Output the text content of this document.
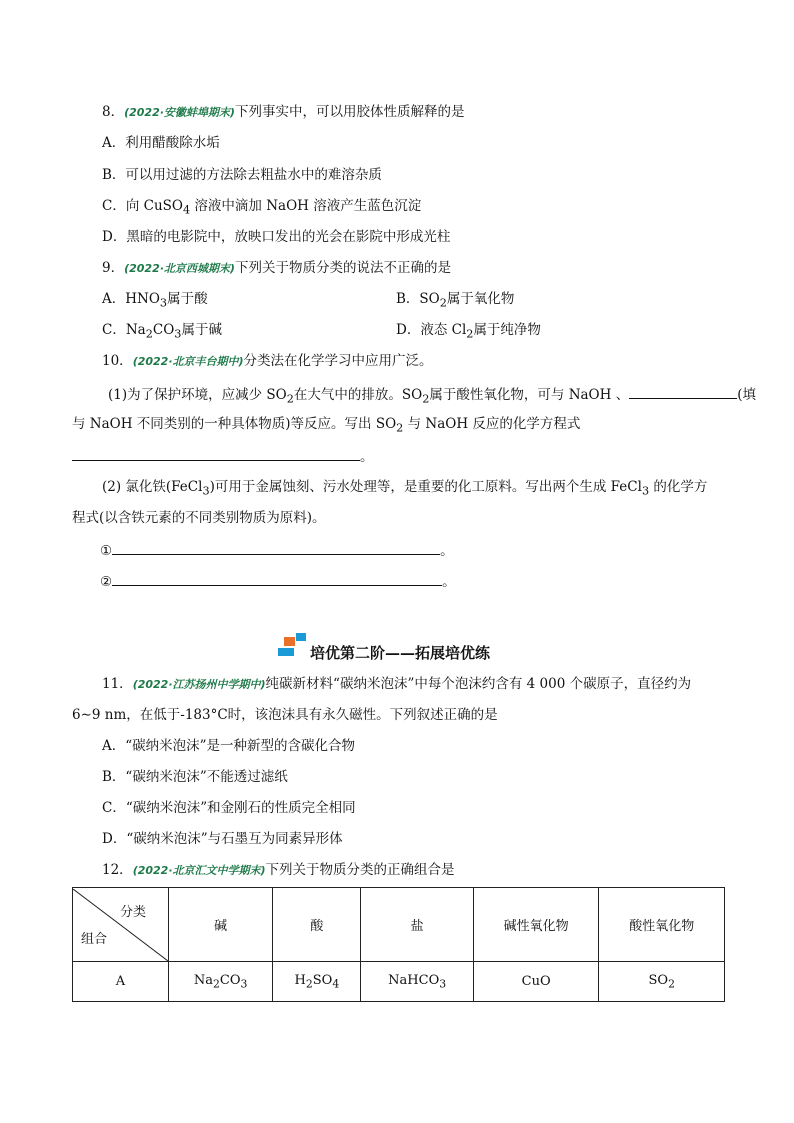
8．(2022·安徽蚌埠期末)下列事实中，可以用胶体性质解释的是
A．利用醋酸除水垢
B．可以用过滤的方法除去粗盐水中的难溶杂质
C．向 CuSO$_4$ 溶液中滴加 NaOH 溶液产生蓝色沉淀
D．黑暗的电影院中，放映口发出的光会在影院中形成光柱
9．(2022·北京西城期末)下列关于物质分类的说法不正确的是
A．$HNO_3$属于酸	B．$SO_2$属于氧化物
C．$Na_2CO_3$属于碱	D．液态 $Cl_2$属于纯净物
10．(2022·北京丰台期中)分类法在化学学习中应用广泛。
(1)为了保护环境，应减少 $SO_2$在大气中的排放。$SO_2$属于酸性氧化物，可与 NaOH 、	(填
与 NaOH 不同类别的一种具体物质)等反应。写出 $SO_2$ 与 NaOH 反应的化学方程式
。
(2) 氯化铁(FeCl$_3$)可用于金属蚀刻、污水处理等，是重要的化工原料。写出两个生成 FeCl$_3$ 的化学方
程式(以含铁元素的不同类别物质为原料)。
①	。
②	。
培优第二阶——拓展培优练
11．(2022·江苏扬州中学期中)纯碳新材料“碳纳米泡沫”中每个泡沫约含有 4 000 个碳原子，直径约为
6∼9 nm，在低于-183°C时，该泡沫具有永久磁性。下列叙述正确的是
A．“碳纳米泡沫”是一种新型的含碳化合物
B．“碳纳米泡沫”不能透过滤纸
C．“碳纳米泡沫”和金刚石的性质完全相同
D．“碳纳米泡沫”与石墨互为同素异形体
12．(2022·北京汇文中学期末)下列关于物质分类的正确组合是
分类
组合	碱	酸	盐	碱性氧化物	酸性氧化物
A	$Na_2CO_3$	$H_2SO_4$	NaHCO$_3$	CuO	$SO_2$
